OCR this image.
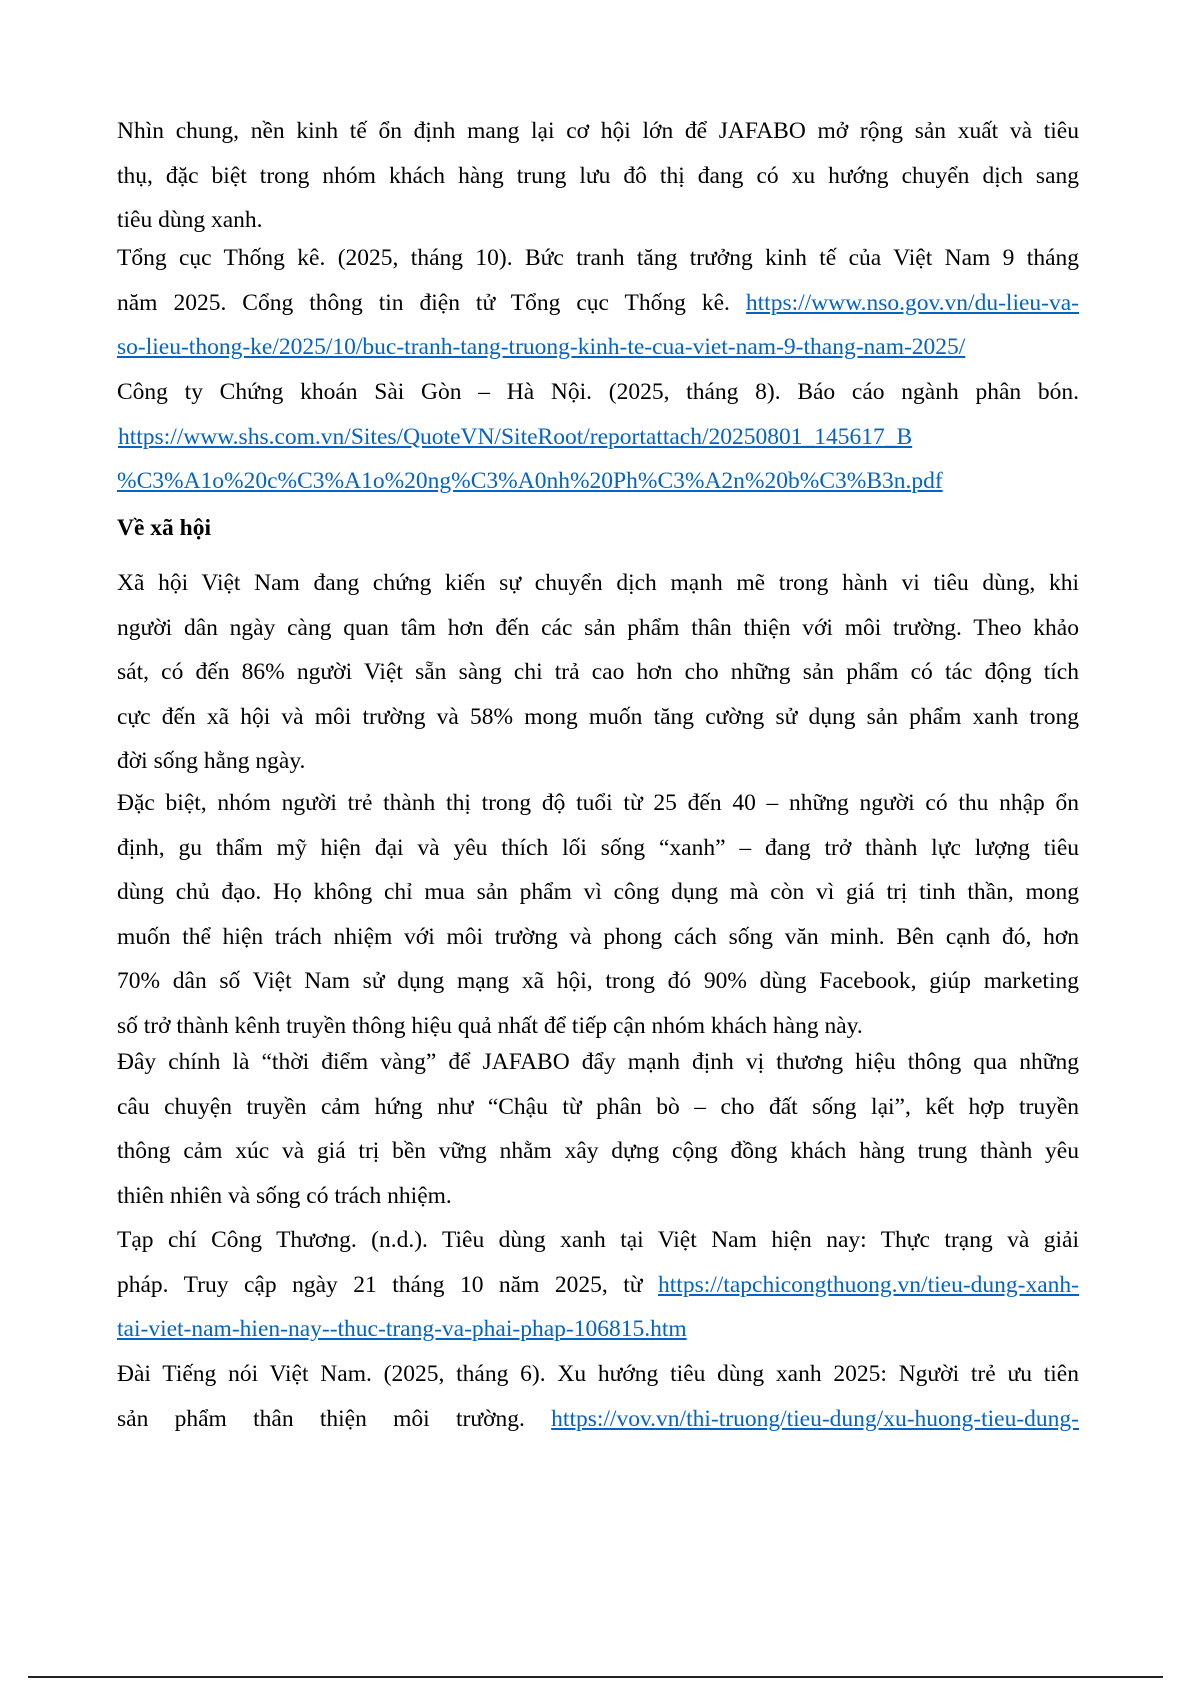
Nhìn chung, nền kinh tế ổn định mang lại cơ hội lớn để JAFABO mở rộng sản xuất và tiêu
thụ, đặc biệt trong nhóm khách hàng trung lưu đô thị đang có xu hướng chuyển dịch sang
tiêu dùng xanh.
Tổng cục Thống kê. (2025, tháng 10). Bức tranh tăng trưởng kinh tế của Việt Nam 9 tháng
năm 2025. Cổng thông tin điện tử Tổng cục Thống kê. https://www.nso.gov.vn/du-lieu-va-
so-lieu-thong-ke/2025/10/buc-tranh-tang-truong-kinh-te-cua-viet-nam-9-thang-nam-2025/
Công ty Chứng khoán Sài Gòn – Hà Nội. (2025, tháng 8). Báo cáo ngành phân bón.
https://www.shs.com.vn/Sites/QuoteVN/SiteRoot/reportattach/20250801_145617_B
%C3%A1o%20c%C3%A1o%20ng%C3%A0nh%20Ph%C3%A2n%20b%C3%B3n.pdf
Về xã hội
Xã hội Việt Nam đang chứng kiến sự chuyển dịch mạnh mẽ trong hành vi tiêu dùng, khi
người dân ngày càng quan tâm hơn đến các sản phẩm thân thiện với môi trường. Theo khảo
sát, có đến 86% người Việt sẵn sàng chi trả cao hơn cho những sản phẩm có tác động tích
cực đến xã hội và môi trường và 58% mong muốn tăng cường sử dụng sản phẩm xanh trong
đời sống hằng ngày.
Đặc biệt, nhóm người trẻ thành thị trong độ tuổi từ 25 đến 40 – những người có thu nhập ổn
định, gu thẩm mỹ hiện đại và yêu thích lối sống “xanh” – đang trở thành lực lượng tiêu
dùng chủ đạo. Họ không chỉ mua sản phẩm vì công dụng mà còn vì giá trị tinh thần, mong
muốn thể hiện trách nhiệm với môi trường và phong cách sống văn minh. Bên cạnh đó, hơn
70% dân số Việt Nam sử dụng mạng xã hội, trong đó 90% dùng Facebook, giúp marketing
số trở thành kênh truyền thông hiệu quả nhất để tiếp cận nhóm khách hàng này.
Đây chính là “thời điểm vàng” để JAFABO đẩy mạnh định vị thương hiệu thông qua những
câu chuyện truyền cảm hứng như “Chậu từ phân bò – cho đất sống lại”, kết hợp truyền
thông cảm xúc và giá trị bền vững nhằm xây dựng cộng đồng khách hàng trung thành yêu
thiên nhiên và sống có trách nhiệm.
Tạp chí Công Thương. (n.d.). Tiêu dùng xanh tại Việt Nam hiện nay: Thực trạng và giải
pháp. Truy cập ngày 21 tháng 10 năm 2025, từ https://tapchicongthuong.vn/tieu-dung-xanh-
tai-viet-nam-hien-nay--thuc-trang-va-phai-phap-106815.htm
Đài Tiếng nói Việt Nam. (2025, tháng 6). Xu hướng tiêu dùng xanh 2025: Người trẻ ưu tiên
sản phẩm thân thiện môi trường. https://vov.vn/thi-truong/tieu-dung/xu-huong-tieu-dung-
